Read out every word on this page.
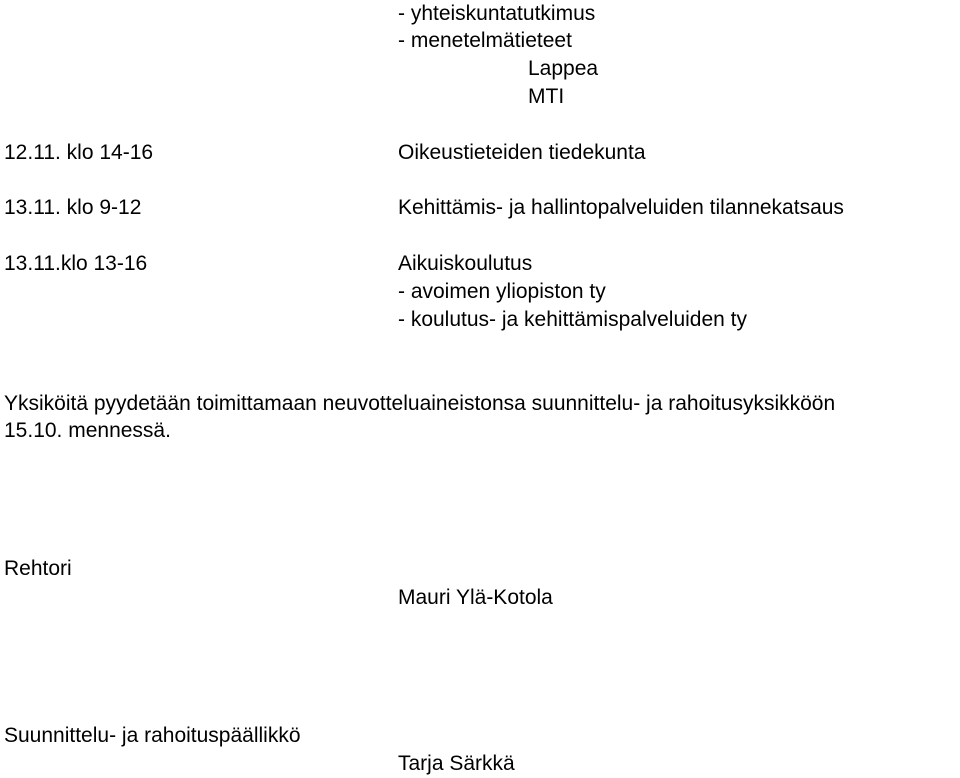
- yhteiskuntatutkimus
- menetelmätieteet
Lappea
MTI
12.11. klo 14-16	Oikeustieteiden tiedekunta
13.11. klo 9-12	Kehittämis- ja hallintopalveluiden tilannekatsaus
13.11.klo 13-16	Aikuiskoulutus
- avoimen yliopiston ty
- koulutus- ja kehittämispalveluiden ty
Yksiköitä pyydetään toimittamaan neuvotteluaineistonsa suunnittelu- ja rahoitusyksikköön
15.10. mennessä.
Rehtori
Mauri Ylä-Kotola
Suunnittelu- ja rahoituspäällikkö
Tarja Särkkä
